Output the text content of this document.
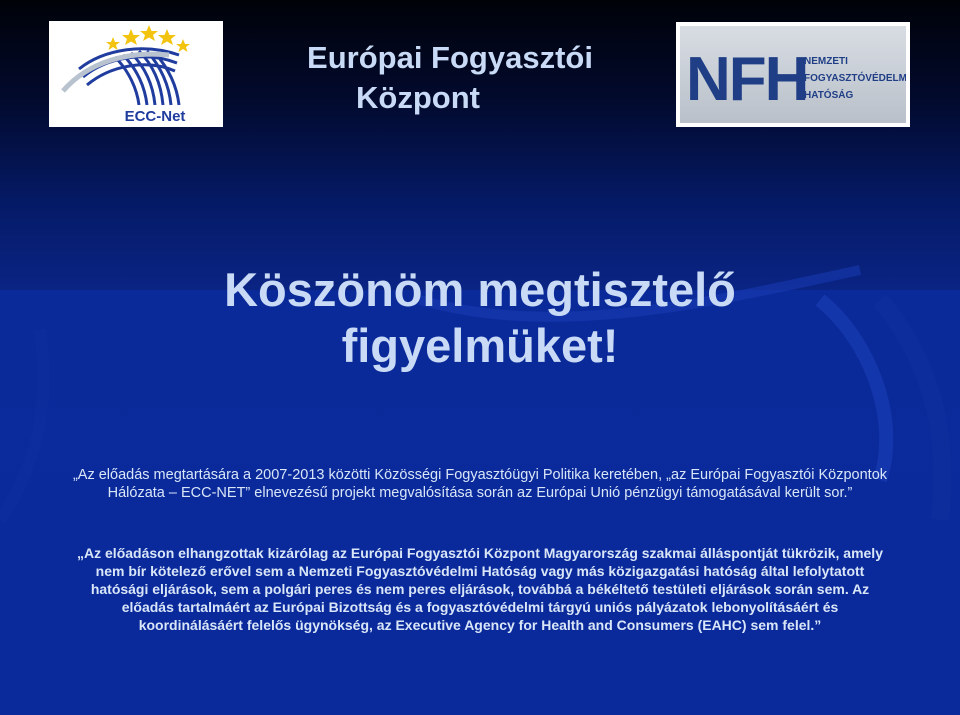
ECC-Net
Európai Fogyasztói
Központ	NFH
NEMZETI
FOGYASZTÓVÉDELMI
HATÓSÁG
Köszönöm megtisztelő
figyelmüket!
„Az előadás megtartására a 2007-2013 közötti Közösségi Fogyasztóügyi Politika keretében, „az Európai Fogyasztói Központok Hálózata – ECC-NET” elnevezésű projekt megvalósítása során az Európai Unió pénzügyi támogatásával került sor.”
„Az előadáson elhangzottak kizárólag az Európai Fogyasztói Központ Magyarország szakmai álláspontját tükrözik, amely nem bír kötelező erővel sem a Nemzeti Fogyasztóvédelmi Hatóság vagy más közigazgatási hatóság által lefolytatott hatósági eljárások, sem a polgári peres és nem peres eljárások, továbbá a békéltető testületi eljárások során sem. Az előadás tartalmáért az Európai Bizottság és a fogyasztóvédelmi tárgyú uniós pályázatok lebonyolításáért és koordinálásáért felelős ügynökség, az Executive Agency for Health and Consumers (EAHC) sem felel.”
